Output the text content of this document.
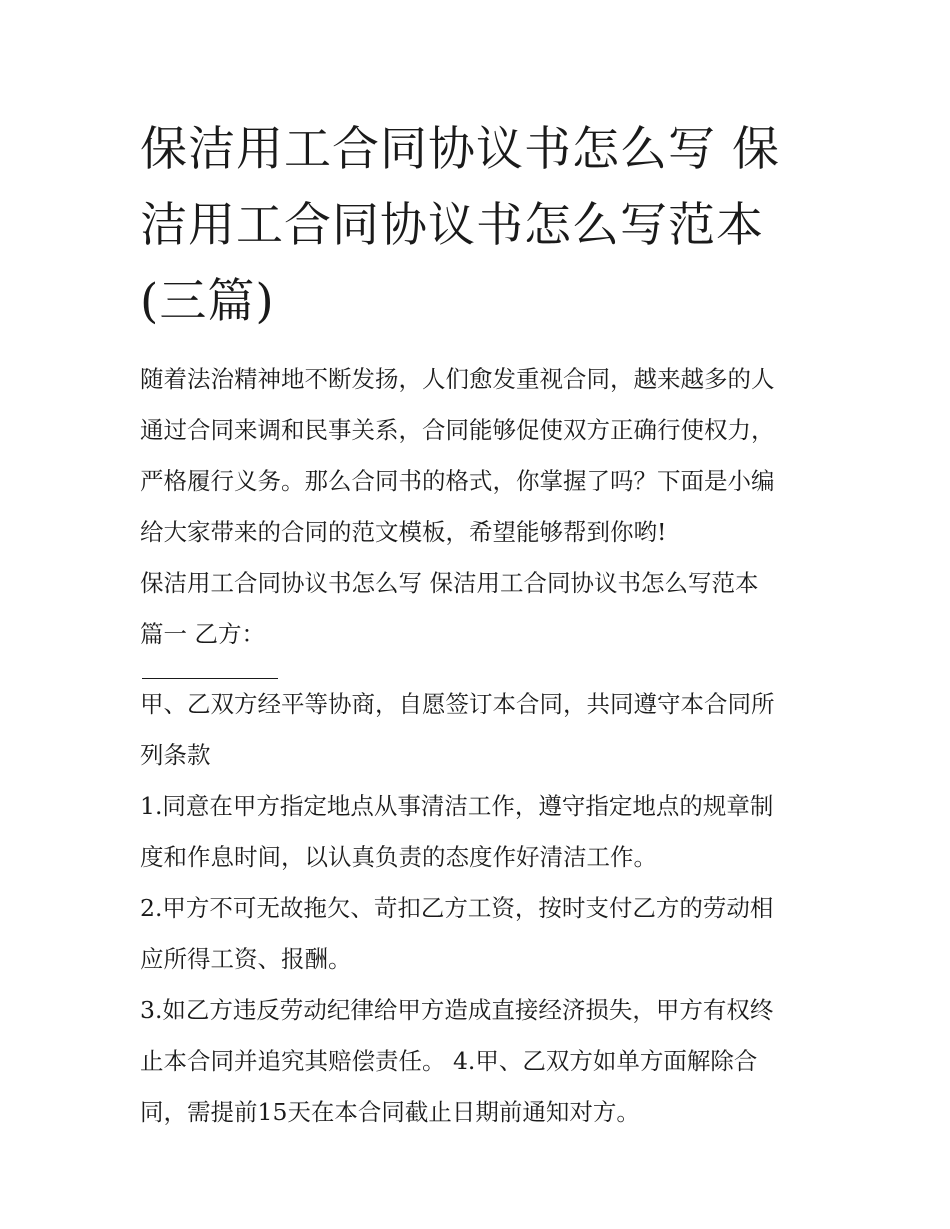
保洁用工合同协议书怎么写 保
洁用工合同协议书怎么写范本
(三篇)

随着法治精神地不断发扬，人们愈发重视合同，越来越多的人
通过合同来调和民事关系，合同能够促使双方正确行使权力，
严格履行义务。那么合同书的格式，你掌握了吗？下面是小编
给大家带来的合同的范文模板，希望能够帮到你哟!

保洁用工合同协议书怎么写 保洁用工合同协议书怎么写范本
篇一 乙方：

甲、乙双方经平等协商，自愿签订本合同，共同遵守本合同所
列条款

1.同意在甲方指定地点从事清洁工作，遵守指定地点的规章制
度和作息时间，以认真负责的态度作好清洁工作。

2.甲方不可无故拖欠、苛扣乙方工资，按时支付乙方的劳动相
应所得工资、报酬。

3.如乙方违反劳动纪律给甲方造成直接经济损失，甲方有权终
止本合同并追究其赔偿责任。 4.甲、乙双方如单方面解除合
同，需提前15天在本合同截止日期前通知对方。
